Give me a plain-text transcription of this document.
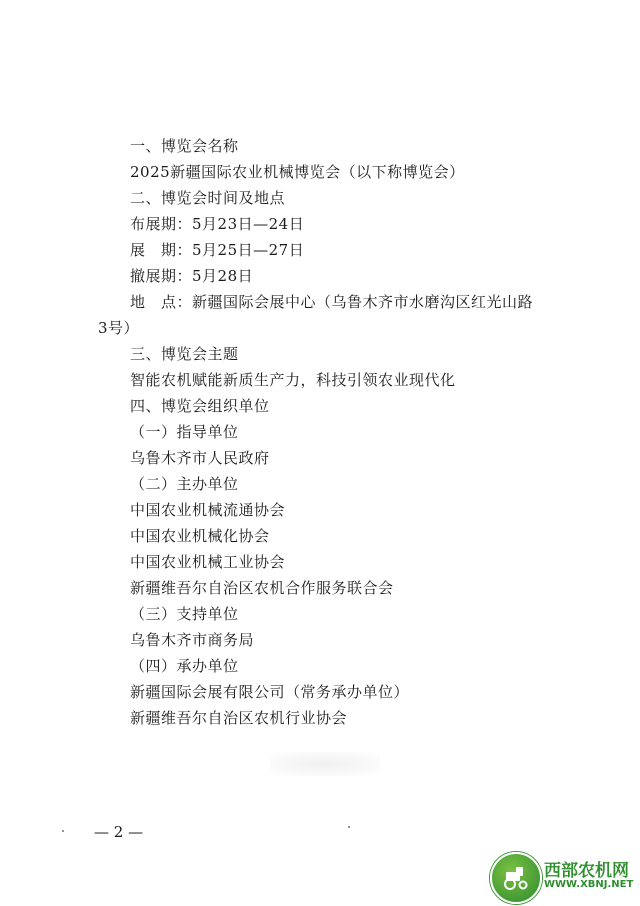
一、博览会名称
2025新疆国际农业机械博览会（以下称博览会）
二、博览会时间及地点
布展期：5月23日—24日
展　期：5月25日—27日
撤展期：5月28日
地　点：新疆国际会展中心（乌鲁木齐市水磨沟区红光山路
3号）
三、博览会主题
智能农机赋能新质生产力，科技引领农业现代化
四、博览会组织单位
（一）指导单位
乌鲁木齐市人民政府
（二）主办单位
中国农业机械流通协会
中国农业机械化协会
中国农业机械工业协会
新疆维吾尔自治区农机合作服务联合会
（三）支持单位
乌鲁木齐市商务局
（四）承办单位
新疆国际会展有限公司（常务承办单位）
新疆维吾尔自治区农机行业协会
— 2 —
西部农机网
WWW.XBNJ.NET
